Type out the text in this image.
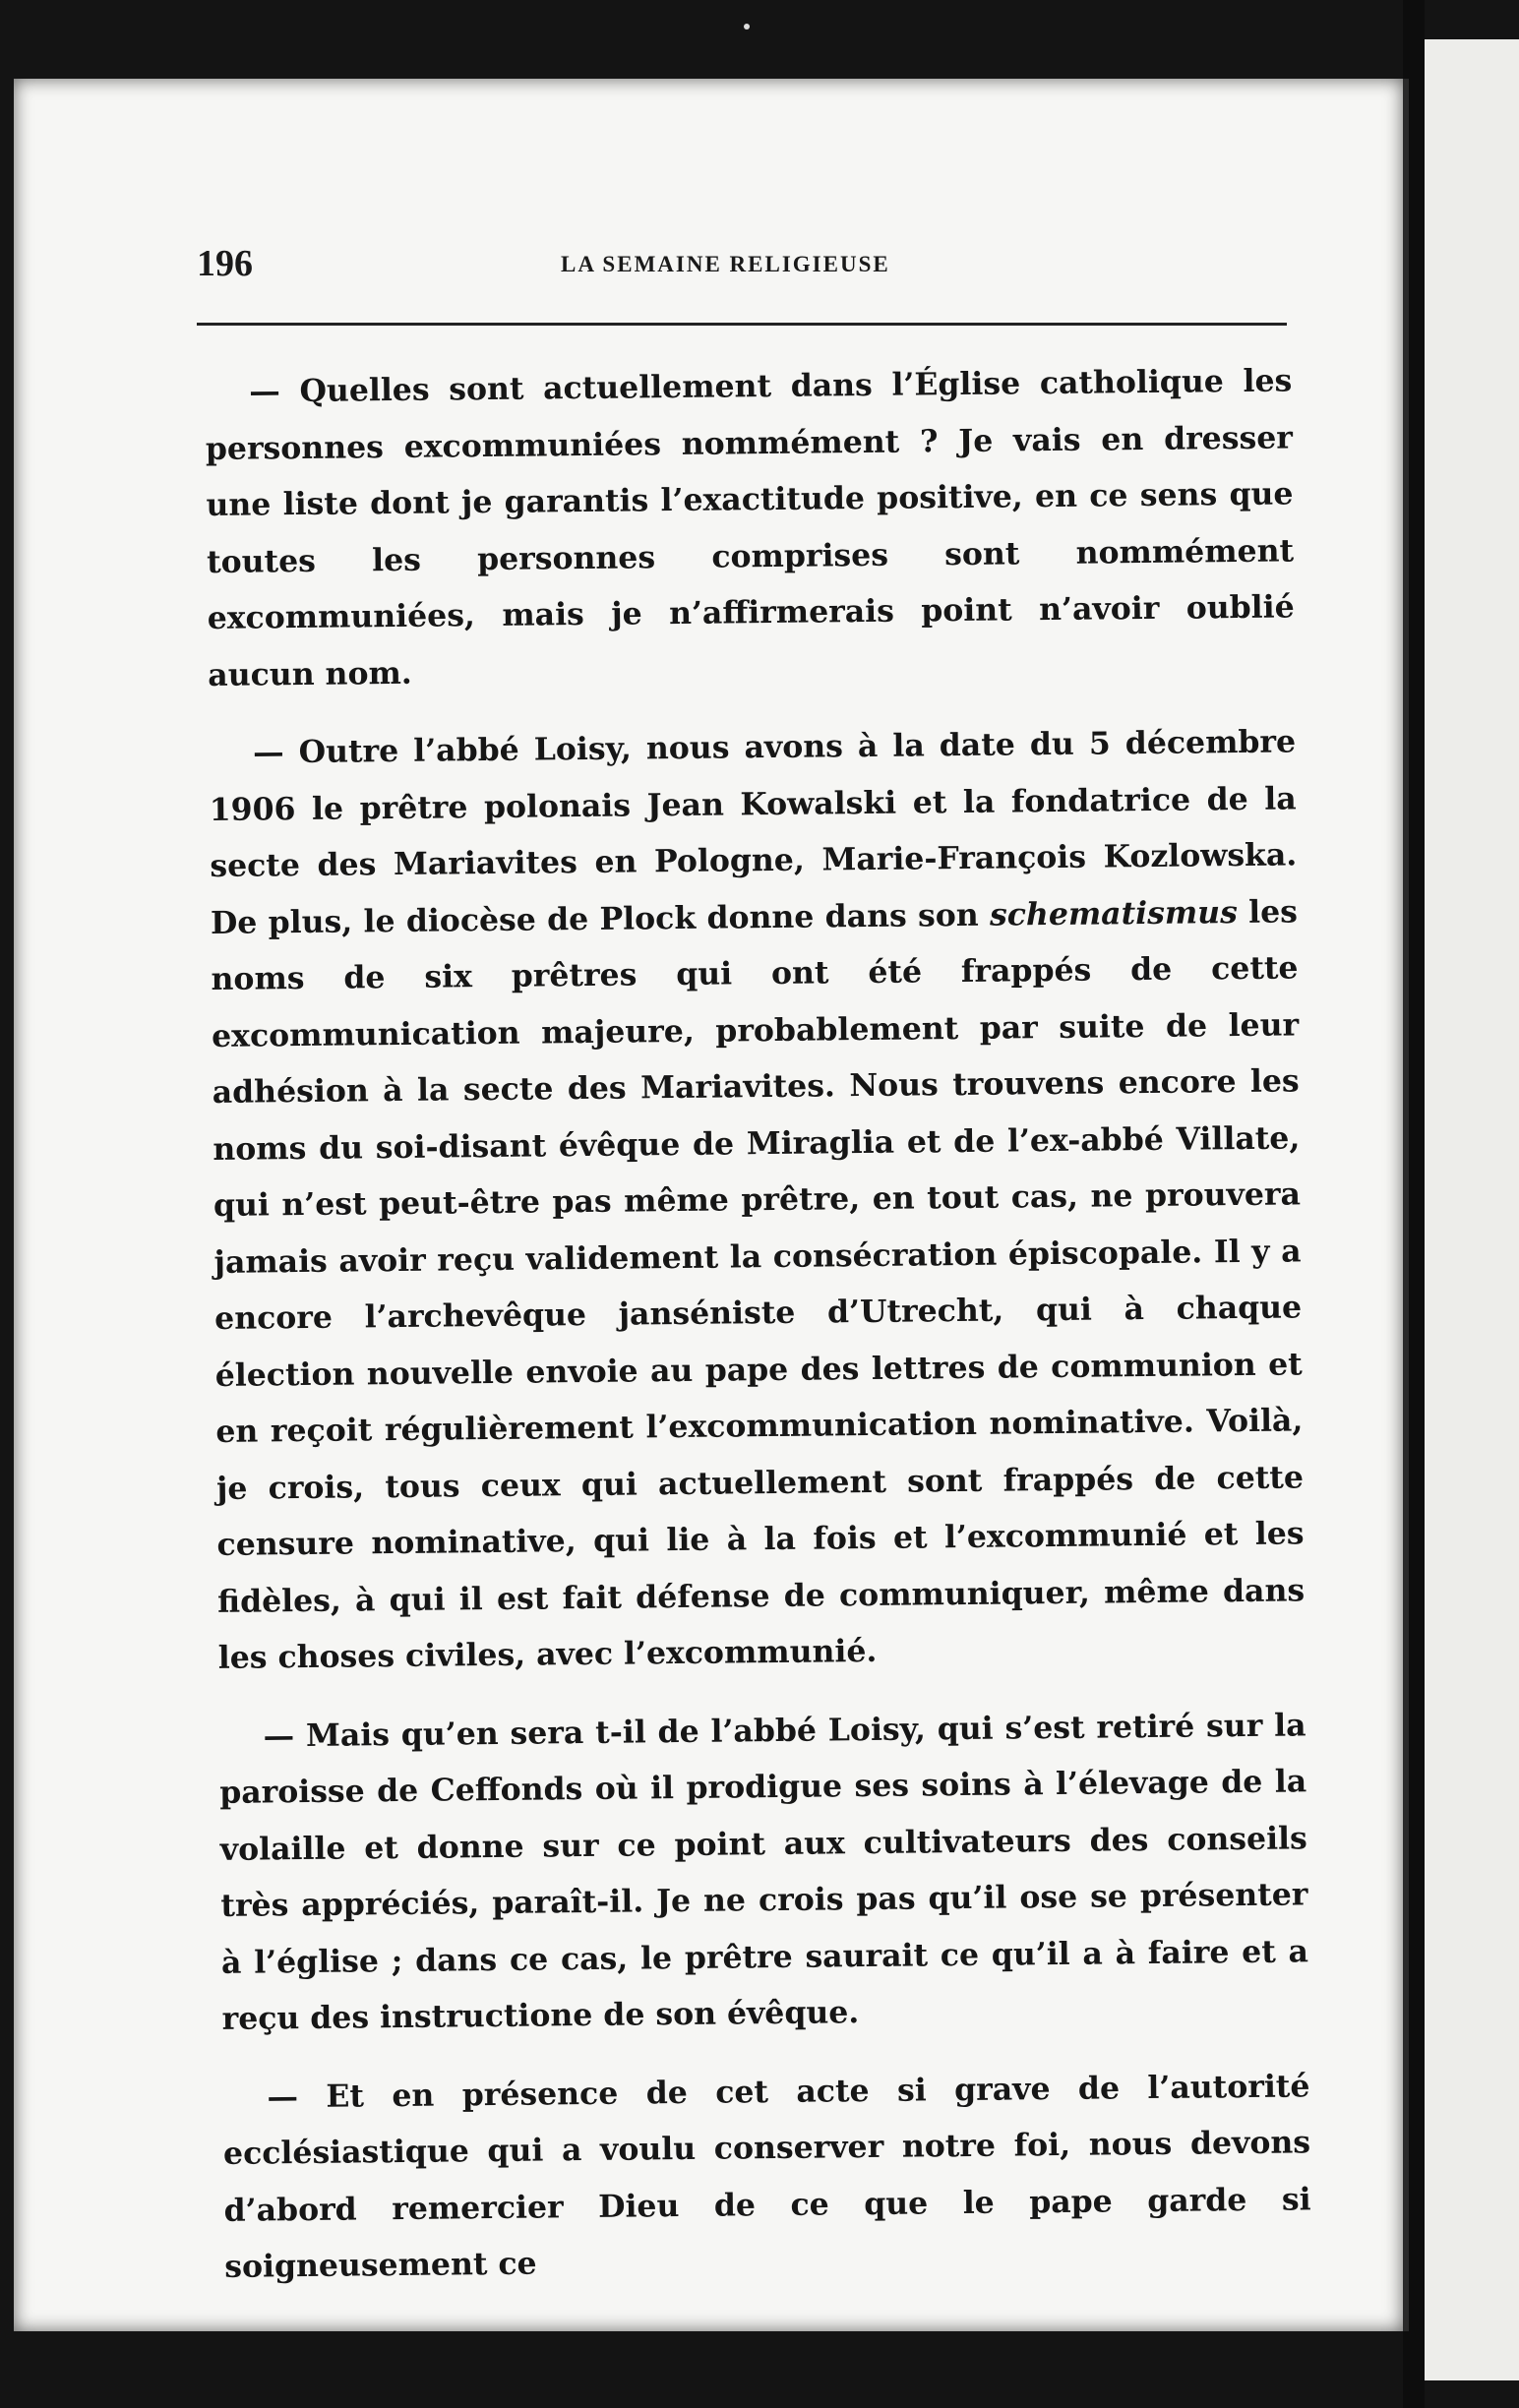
196	LA SEMAINE RELIGIEUSE

— Quelles sont actuellement dans l’Église catholique les personnes excommuniées nommément ? Je vais en dresser une liste dont je garantis l’exactitude positive, en ce sens que toutes les personnes comprises sont nommément excommuniées, mais je n’affirmerais point n’avoir oublié aucun nom.

— Outre l’abbé Loisy, nous avons à la date du 5 décembre 1906 le prêtre polonais Jean Kowalski et la fondatrice de la secte des Mariavites en Pologne, Marie-François Kozlowska. De plus, le diocèse de Plock donne dans son schematismus les noms de six prêtres qui ont été frappés de cette excommunication majeure, probablement par suite de leur adhésion à la secte des Mariavites. Nous trouvens encore les noms du soi-disant évêque de Miraglia et de l’ex-abbé Villate, qui n’est peut-être pas même prêtre, en tout cas, ne prouvera jamais avoir reçu validement la consécration épiscopale. Il y a encore l’archevêque janséniste d’Utrecht, qui à chaque élection nouvelle envoie au pape des lettres de communion et en reçoit régulièrement l’excommunication nominative. Voilà, je crois, tous ceux qui actuellement sont frappés de cette censure nominative, qui lie à la fois et l’excommunié et les fidèles, à qui il est fait défense de communiquer, même dans les choses civiles, avec l’excommunié.

— Mais qu’en sera t-il de l’abbé Loisy, qui s’est retiré sur la paroisse de Ceffonds où il prodigue ses soins à l’élevage de la volaille et donne sur ce point aux cultivateurs des conseils très appréciés, paraît-il. Je ne crois pas qu’il ose se présenter à l’église ; dans ce cas, le prêtre saurait ce qu’il a à faire et a reçu des instructione de son évêque.

— Et en présence de cet acte si grave de l’autorité ecclésiastique qui a voulu conserver notre foi, nous devons d’abord remercier Dieu de ce que le pape garde si soigneusement ce
